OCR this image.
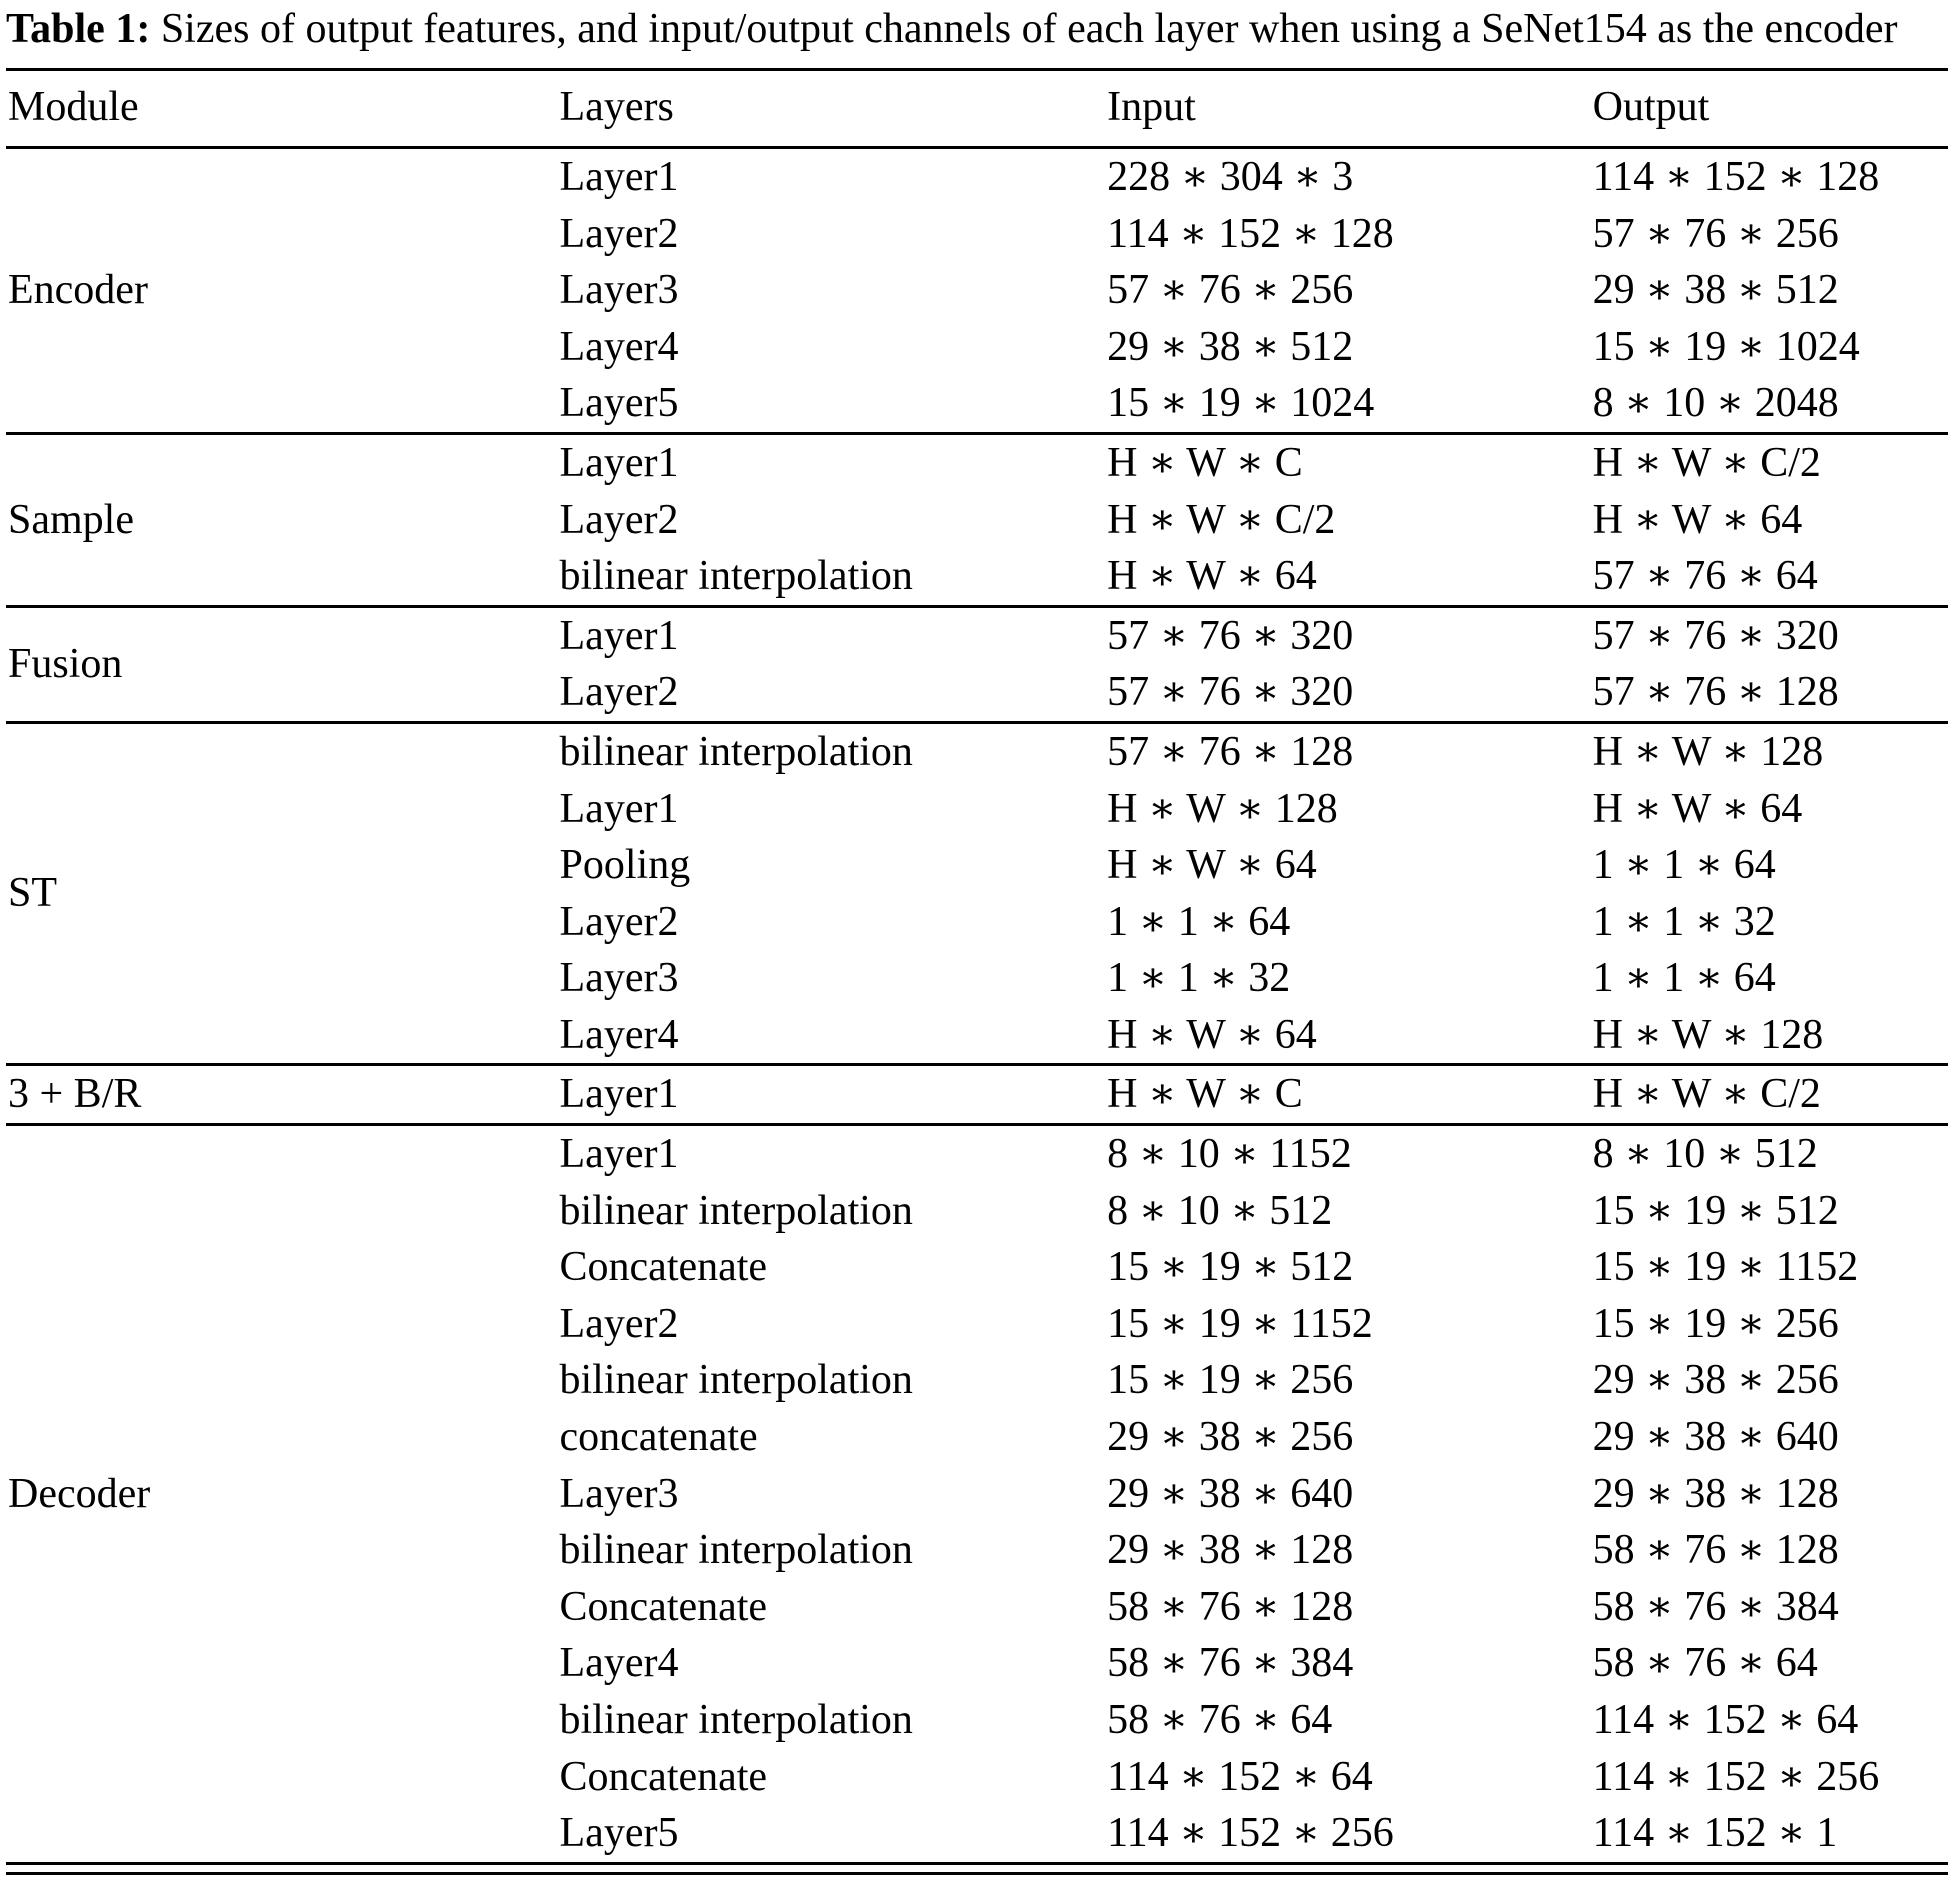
Table 1: Sizes of output features, and input/output channels of each layer when using a SeNet154 as the encoder

Module	Layers	Input	Output
Encoder	Layer1	228 ∗ 304 ∗ 3	114 ∗ 152 ∗ 128
	Layer2	114 ∗ 152 ∗ 128	57 ∗ 76 ∗ 256
	Layer3	57 ∗ 76 ∗ 256	29 ∗ 38 ∗ 512
	Layer4	29 ∗ 38 ∗ 512	15 ∗ 19 ∗ 1024
	Layer5	15 ∗ 19 ∗ 1024	8 ∗ 10 ∗ 2048
Sample	Layer1	H ∗ W ∗ C	H ∗ W ∗ C/2
	Layer2	H ∗ W ∗ C/2	H ∗ W ∗ 64
	bilinear interpolation	H ∗ W ∗ 64	57 ∗ 76 ∗ 64
Fusion	Layer1	57 ∗ 76 ∗ 320	57 ∗ 76 ∗ 320
	Layer2	57 ∗ 76 ∗ 320	57 ∗ 76 ∗ 128
ST	bilinear interpolation	57 ∗ 76 ∗ 128	H ∗ W ∗ 128
	Layer1	H ∗ W ∗ 128	H ∗ W ∗ 64
	Pooling	H ∗ W ∗ 64	1 ∗ 1 ∗ 64
	Layer2	1 ∗ 1 ∗ 64	1 ∗ 1 ∗ 32
	Layer3	1 ∗ 1 ∗ 32	1 ∗ 1 ∗ 64
	Layer4	H ∗ W ∗ 64	H ∗ W ∗ 128
3 + B/R	Layer1	H ∗ W ∗ C	H ∗ W ∗ C/2
Decoder	Layer1	8 ∗ 10 ∗ 1152	8 ∗ 10 ∗ 512
	bilinear interpolation	8 ∗ 10 ∗ 512	15 ∗ 19 ∗ 512
	Concatenate	15 ∗ 19 ∗ 512	15 ∗ 19 ∗ 1152
	Layer2	15 ∗ 19 ∗ 1152	15 ∗ 19 ∗ 256
	bilinear interpolation	15 ∗ 19 ∗ 256	29 ∗ 38 ∗ 256
	concatenate	29 ∗ 38 ∗ 256	29 ∗ 38 ∗ 640
	Layer3	29 ∗ 38 ∗ 640	29 ∗ 38 ∗ 128
	bilinear interpolation	29 ∗ 38 ∗ 128	58 ∗ 76 ∗ 128
	Concatenate	58 ∗ 76 ∗ 128	58 ∗ 76 ∗ 384
	Layer4	58 ∗ 76 ∗ 384	58 ∗ 76 ∗ 64
	bilinear interpolation	58 ∗ 76 ∗ 64	114 ∗ 152 ∗ 64
	Concatenate	114 ∗ 152 ∗ 64	114 ∗ 152 ∗ 256
	Layer5	114 ∗ 152 ∗ 256	114 ∗ 152 ∗ 1
